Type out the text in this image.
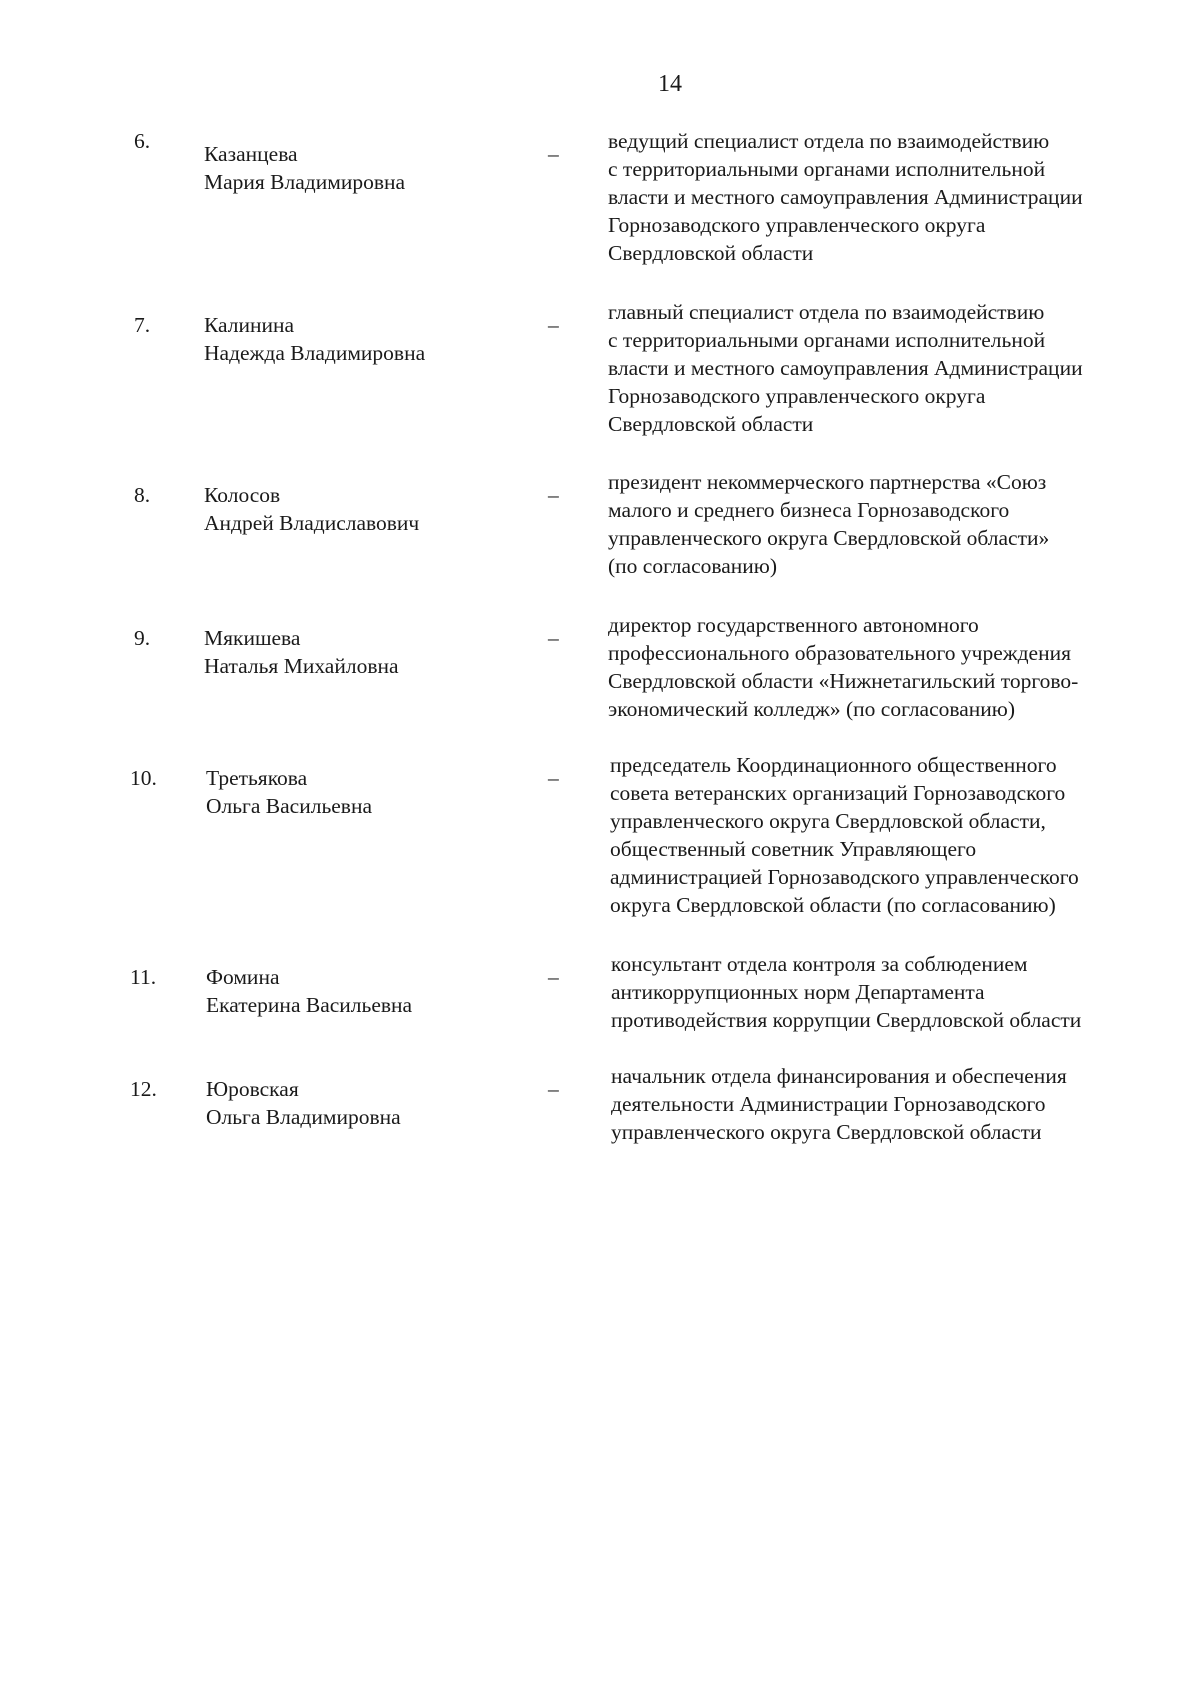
14
6.
Казанцева
Мария Владимировна
–
ведущий специалист отдела по взаимодействию
с территориальными органами исполнительной
власти и местного самоуправления Администрации
Горнозаводского управленческого округа
Свердловской области
7.	Калинина
Надежда Владимировна
–
главный специалист отдела по взаимодействию
с территориальными органами исполнительной
власти и местного самоуправления Администрации
Горнозаводского управленческого округа
Свердловской области
8.	Колосов
Андрей Владиславович
–
президент некоммерческого партнерства «Союз
малого и среднего бизнеса Горнозаводского
управленческого округа Свердловской области»
(по согласованию)
9.	Мякишева
Наталья Михайловна
–
директор государственного автономного
профессионального образовательного учреждения
Свердловской области «Нижнетагильский торгово-
экономический колледж» (по согласованию)
10. Третьякова
Ольга Васильевна
–
председатель Координационного общественного
совета ветеранских организаций Горнозаводского
управленческого округа Свердловской области,
общественный советник Управляющего
администрацией Горнозаводского управленческого
округа Свердловской области (по согласованию)
11. Фомина
Екатерина Васильевна
–
консультант отдела контроля за соблюдением
антикоррупционных норм Департамента
противодействия коррупции Свердловской области
12. Юровская
Ольга Владимировна
–
начальник отдела финансирования и обеспечения
деятельности Администрации Горнозаводского
управленческого округа Свердловской области
